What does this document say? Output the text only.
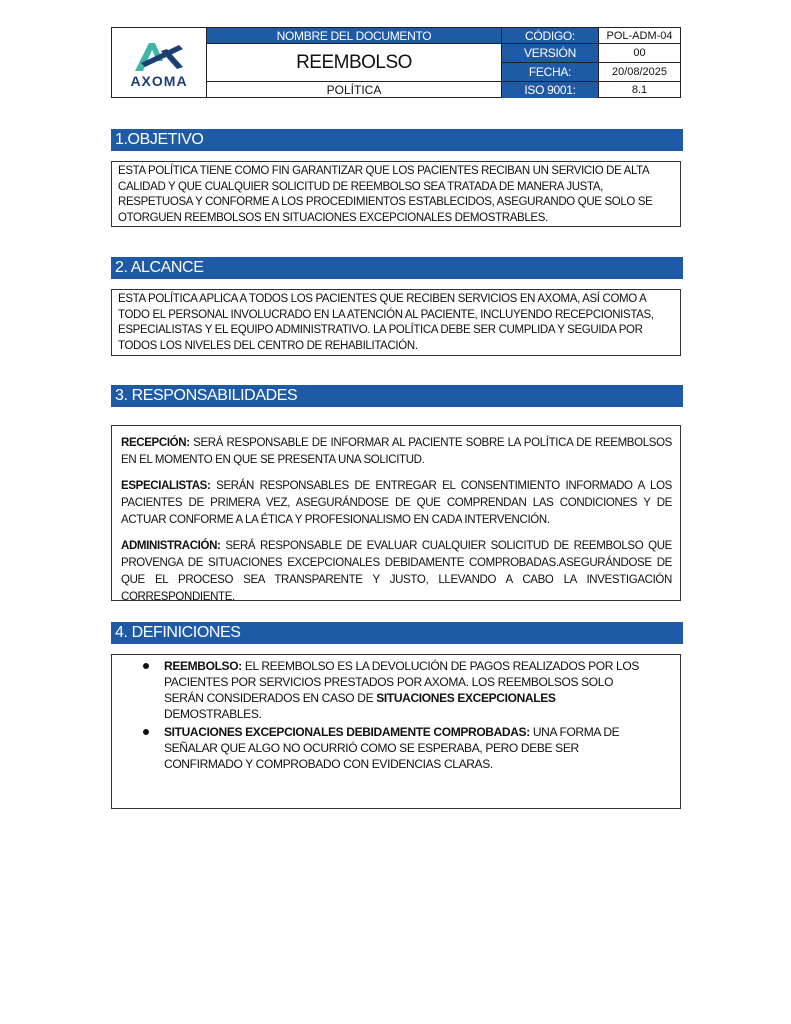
AXOMA
NOMBRE DEL DOCUMENTO
REEMBOLSO
POLÍTICA
CÓDIGO:
VERSIÓN
FECHA:
ISO 9001:
POL-ADM-04
00
20/08/2025
8.1
1.OBJETIVO

ESTA POLÍTICA TIENE COMO FIN GARANTIZAR QUE LOS PACIENTES RECIBAN UN SERVICIO DE ALTA CALIDAD Y QUE CUALQUIER SOLICITUD DE REEMBOLSO SEA TRATADA DE MANERA JUSTA, RESPETUOSA Y CONFORME A LOS PROCEDIMIENTOS ESTABLECIDOS, ASEGURANDO QUE SOLO SE OTORGUEN REEMBOLSOS EN SITUACIONES EXCEPCIONALES DEMOSTRABLES.

2. ALCANCE

ESTA POLÍTICA APLICA A TODOS LOS PACIENTES QUE RECIBEN SERVICIOS EN AXOMA, ASÍ COMO A TODO EL PERSONAL INVOLUCRADO EN LA ATENCIÓN AL PACIENTE, INCLUYENDO RECEPCIONISTAS, ESPECIALISTAS Y EL EQUIPO ADMINISTRATIVO. LA POLÍTICA DEBE SER CUMPLIDA Y SEGUIDA POR TODOS LOS NIVELES DEL CENTRO DE REHABILITACIÓN.

3. RESPONSABILIDADES

RECEPCIÓN: SERÁ RESPONSABLE DE INFORMAR AL PACIENTE SOBRE LA POLÍTICA DE REEMBOLSOS EN EL MOMENTO EN QUE SE PRESENTA UNA SOLICITUD.

ESPECIALISTAS: SERÁN RESPONSABLES DE ENTREGAR EL CONSENTIMIENTO INFORMADO A LOS PACIENTES DE PRIMERA VEZ, ASEGURÁNDOSE DE QUE COMPRENDAN LAS CONDICIONES Y DE ACTUAR CONFORME A LA ÉTICA Y PROFESIONALISMO EN CADA INTERVENCIÓN.

ADMINISTRACIÓN: SERÁ RESPONSABLE DE EVALUAR CUALQUIER SOLICITUD DE REEMBOLSO QUE PROVENGA DE SITUACIONES EXCEPCIONALES DEBIDAMENTE COMPROBADAS.ASEGURÁNDOSE DE QUE EL PROCESO SEA TRANSPARENTE Y JUSTO, LLEVANDO A CABO LA INVESTIGACIÓN CORRESPONDIENTE.

4. DEFINICIONES
REEMBOLSO: EL REEMBOLSO ES LA DEVOLUCIÓN DE PAGOS REALIZADOS POR LOS PACIENTES POR SERVICIOS PRESTADOS POR AXOMA. LOS REEMBOLSOS SOLO SERÁN CONSIDERADOS EN CASO DE SITUACIONES EXCEPCIONALES DEMOSTRABLES.
SITUACIONES EXCEPCIONALES DEBIDAMENTE COMPROBADAS: UNA FORMA DE SEÑALAR QUE ALGO NO OCURRIÓ COMO SE ESPERABA, PERO DEBE SER CONFIRMADO Y COMPROBADO CON EVIDENCIAS CLARAS.
